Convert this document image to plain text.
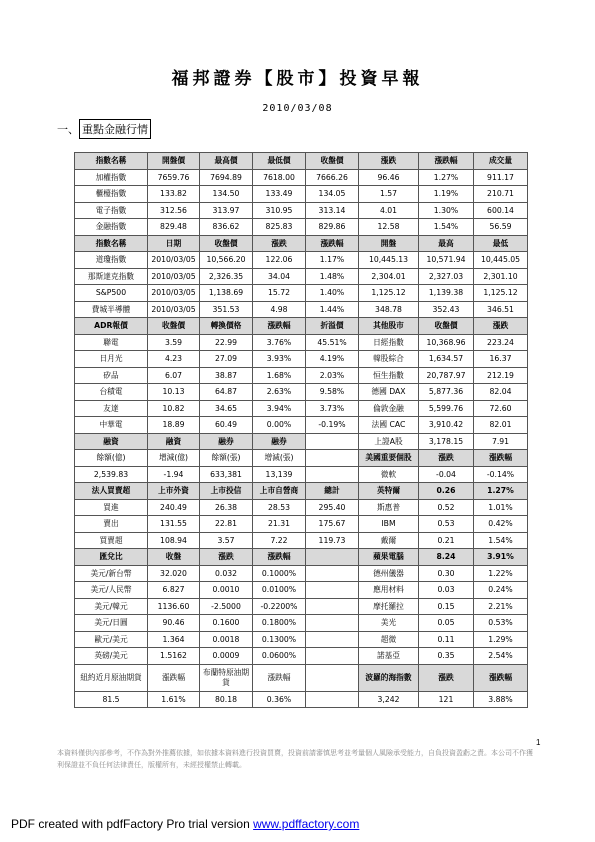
福邦證券【股市】投資早報
2010/03/08
一、 重點金融行情
指數名稱	開盤價	最高價	最低價	收盤價	漲跌	漲跌幅	成交量
加權指數	7659.76	7694.89	7618.00	7666.26	96.46	1.27%	911.17
櫃檯指數	133.82	134.50	133.49	134.05	1.57	1.19%	210.71
電子指數	312.56	313.97	310.95	313.14	4.01	1.30%	600.14
金融指數	829.48	836.62	825.83	829.86	12.58	1.54%	56.59
指數名稱	日期	收盤價	漲跌	漲跌幅	開盤	最高	最低
道瓊指數	2010/03/05	10,566.20	122.06	1.17%	10,445.13	10,571.94	10,445.05
那斯達克指數	2010/03/05	2,326.35	34.04	1.48%	2,304.01	2,327.03	2,301.10
S&P500	2010/03/05	1,138.69	15.72	1.40%	1,125.12	1,139.38	1,125.12
費城半導體	2010/03/05	351.53	4.98	1.44%	348.78	352.43	346.51
ADR報價	收盤價	轉換價格	漲跌幅	折溢價	其他股市	收盤價	漲跌
聯電	3.59	22.99	3.76%	45.51%	日經指數	10,368.96	223.24
日月光	4.23	27.09	3.93%	4.19%	韓股綜合	1,634.57	16.37
矽品	6.07	38.87	1.68%	2.03%	恒生指數	20,787.97	212.19
台積電	10.13	64.87	2.63%	9.58%	德國 DAX	5,877.36	82.04
友達	10.82	34.65	3.94%	3.73%	倫敦金融	5,599.76	72.60
中華電	18.89	60.49	0.00%	-0.19%	法國 CAC	3,910.42	82.01
融資	融資	融券	融券		上證A股	3,178.15	7.91
餘額(億)	增減(億)	餘額(張)	增減(張)		美國重要個股	漲跌	漲跌幅
2,539.83	-1.94	633,381	13,139		微軟	-0.04	-0.14%
法人買賣超	上市外資	上市投信	上市自營商	總計	英特爾	0.26	1.27%
買進	240.49	26.38	28.53	295.40	斯惠普	0.52	1.01%
賣出	131.55	22.81	21.31	175.67	IBM	0.53	0.42%
買賣超	108.94	3.57	7.22	119.73	戴爾	0.21	1.54%
匯兌比	收盤	漲跌	漲跌幅		蘋果電腦	8.24	3.91%
美元/新台幣	32.020	0.032	0.1000%		德州儀器	0.30	1.22%
美元/人民幣	6.827	0.0010	0.0100%		應用材料	0.03	0.24%
美元/韓元	1136.60	-2.5000	-0.2200%		摩托羅拉	0.15	2.21%
美元/日圓	90.46	0.1600	0.1800%		美光	0.05	0.53%
歐元/美元	1.364	0.0018	0.1300%		超微	0.11	1.29%
英磅/美元	1.5162	0.0009	0.0600%		諾基亞	0.35	2.54%
紐約近月原油期貨	漲跌幅	布蘭特原油期貨	漲跌幅		波羅的海指數	漲跌	漲跌幅
81.5	1.61%	80.18	0.36%		3,242	121	3.88%
1
本資料僅供內部參考，不作為對外推薦依據，如依據本資料進行投資買賣，投資前請審慎思考並考量個人風險承受能力，自負投資盈虧之責。本公司不作獲利保證並不負任何法律責任，版權所有，未經授權禁止轉載。
PDF created with pdfFactory Pro trial version www.pdffactory.com
